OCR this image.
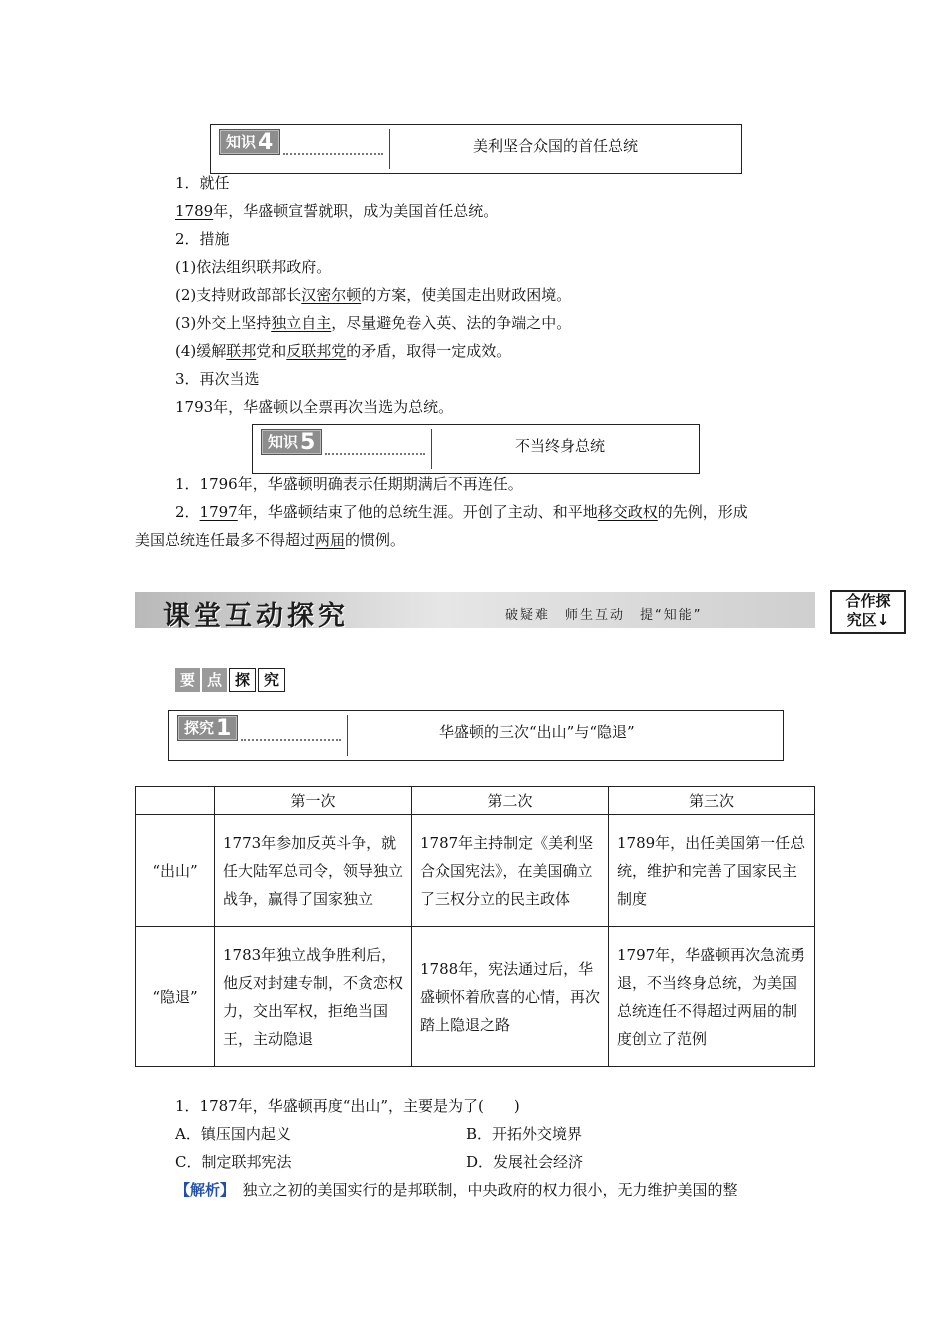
知识4	美利坚合众国的首任总统
1．就任
1789年，华盛顿宣誓就职，成为美国首任总统。
2．措施
(1)依法组织联邦政府。
(2)支持财政部部长汉密尔顿的方案，使美国走出财政困境。
(3)外交上坚持独立自主，尽量避免卷入英、法的争端之中。
(4)缓解联邦党和反联邦党的矛盾，取得一定成效。
3．再次当选
1793年，华盛顿以全票再次当选为总统。
知识5	不当终身总统
1．1796年，华盛顿明确表示任期期满后不再连任。
2．1797年，华盛顿结束了他的总统生涯。开创了主动、和平地移交政权的先例，形成
美国总统连任最多不得超过两届的惯例。
课堂互动探究	破疑难　师生互动　提“知能”
合作探
究区↓
要 点 探 究
探究1	华盛顿的三次“出山”与“隐退”
	第一次	第二次	第三次
“出山”	1773年参加反英斗争，就任大陆军总司令，领导独立战争，赢得了国家独立	1787年主持制定《美利坚合众国宪法》，在美国确立了三权分立的民主政体	1789年，出任美国第一任总统，维护和完善了国家民主制度
“隐退”	1783年独立战争胜利后，他反对封建专制，不贪恋权力，交出军权，拒绝当国王，主动隐退	1788年，宪法通过后，华盛顿怀着欣喜的心情，再次踏上隐退之路	1797年，华盛顿再次急流勇退，不当终身总统，为美国总统连任不得超过两届的制度创立了范例
1．1787年，华盛顿再度“出山”，主要是为了(　　)
A．镇压国内起义	B．开拓外交境界
C．制定联邦宪法	D．发展社会经济
【解析】　独立之初的美国实行的是邦联制，中央政府的权力很小，无力维护美国的整
